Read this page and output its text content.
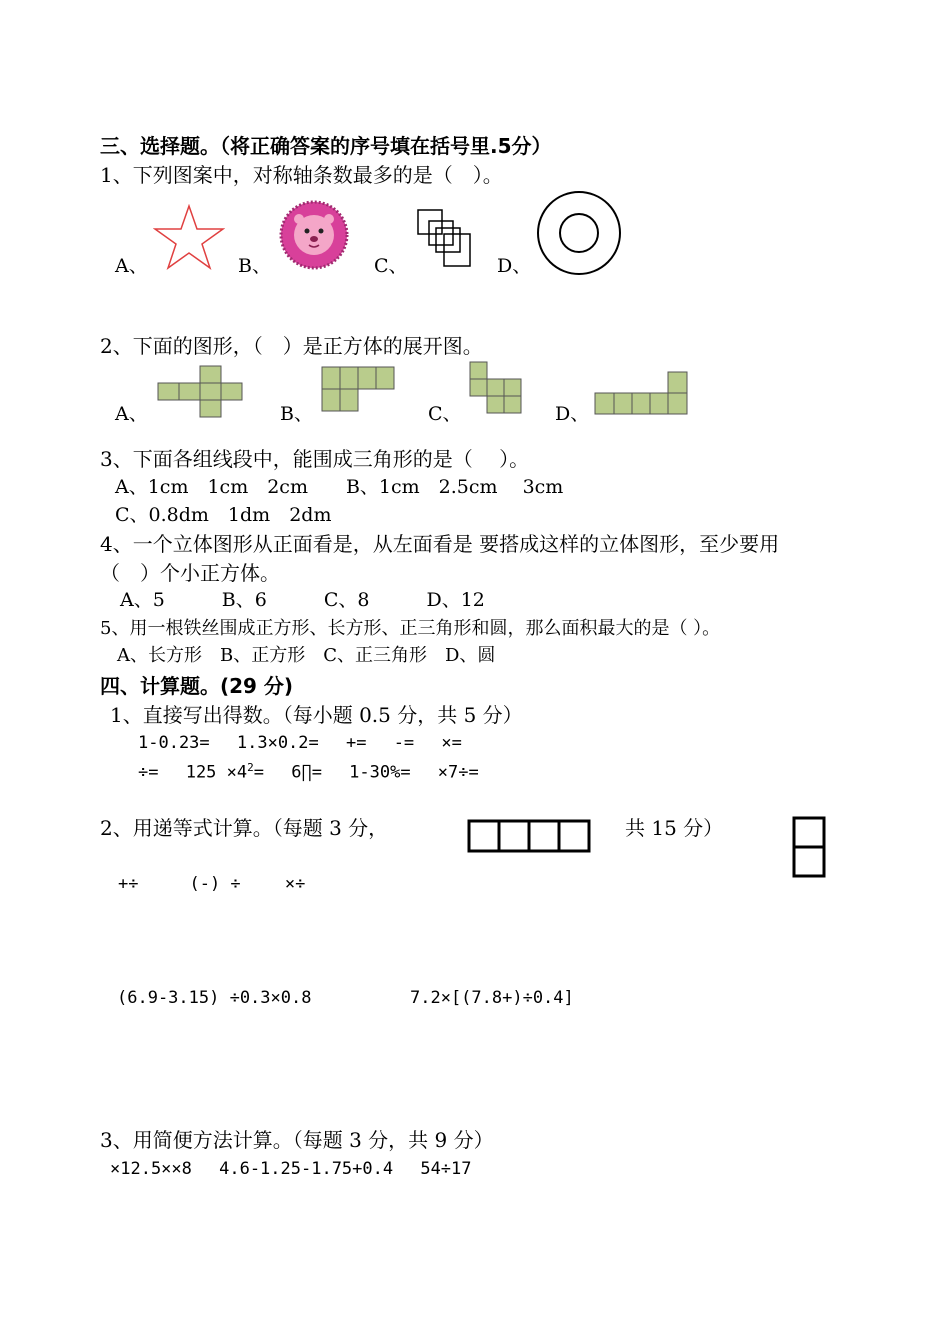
三、选择题。（将正确答案的序号填在括号里.5分）
1、下列图案中，对称轴条数最多的是（　）。
A、	B、	C、	D、
2、下面的图形，（　）是正方体的展开图。
A、	B、	C、	D、
3、下面各组线段中，能围成三角形的是（　 ）。
A、1cm　1cm　2cm　　B、1cm　2.5cm　 3cm
C、0.8dm　1dm　2dm
4、一个立体图形从正面看是，从左面看是 要搭成这样的立体图形，至少要用
（　）个小正方体。
A、5　　　B、6　　　C、8　　　D、12
5、用一根铁丝围成正方形、长方形、正三角形和圆，那么面积最大的是（ ）。
A、长方形　B、正方形　C、正三角形　D、圆
四、计算题。(29 分)
1、直接写出得数。（每小题 0.5 分，共 5 分）
1-0.23=　 1.3×0.2=　 +=　 -=　 ×=
÷=　 $125 \times 4^2=$　 6∏=　 1-30%=　 ×7÷=
2、用递等式计算。（每题 3 分，	共 15 分）
+÷　　　(-) ÷　　 ×÷
(6.9-3.15) ÷0.3×0.8	7.2×[(7.8+)÷0.4]
3、用简便方法计算。（每题 3 分，共 9 分）
×12.5××8　 4.6-1.25-1.75+0.4　 54÷17
